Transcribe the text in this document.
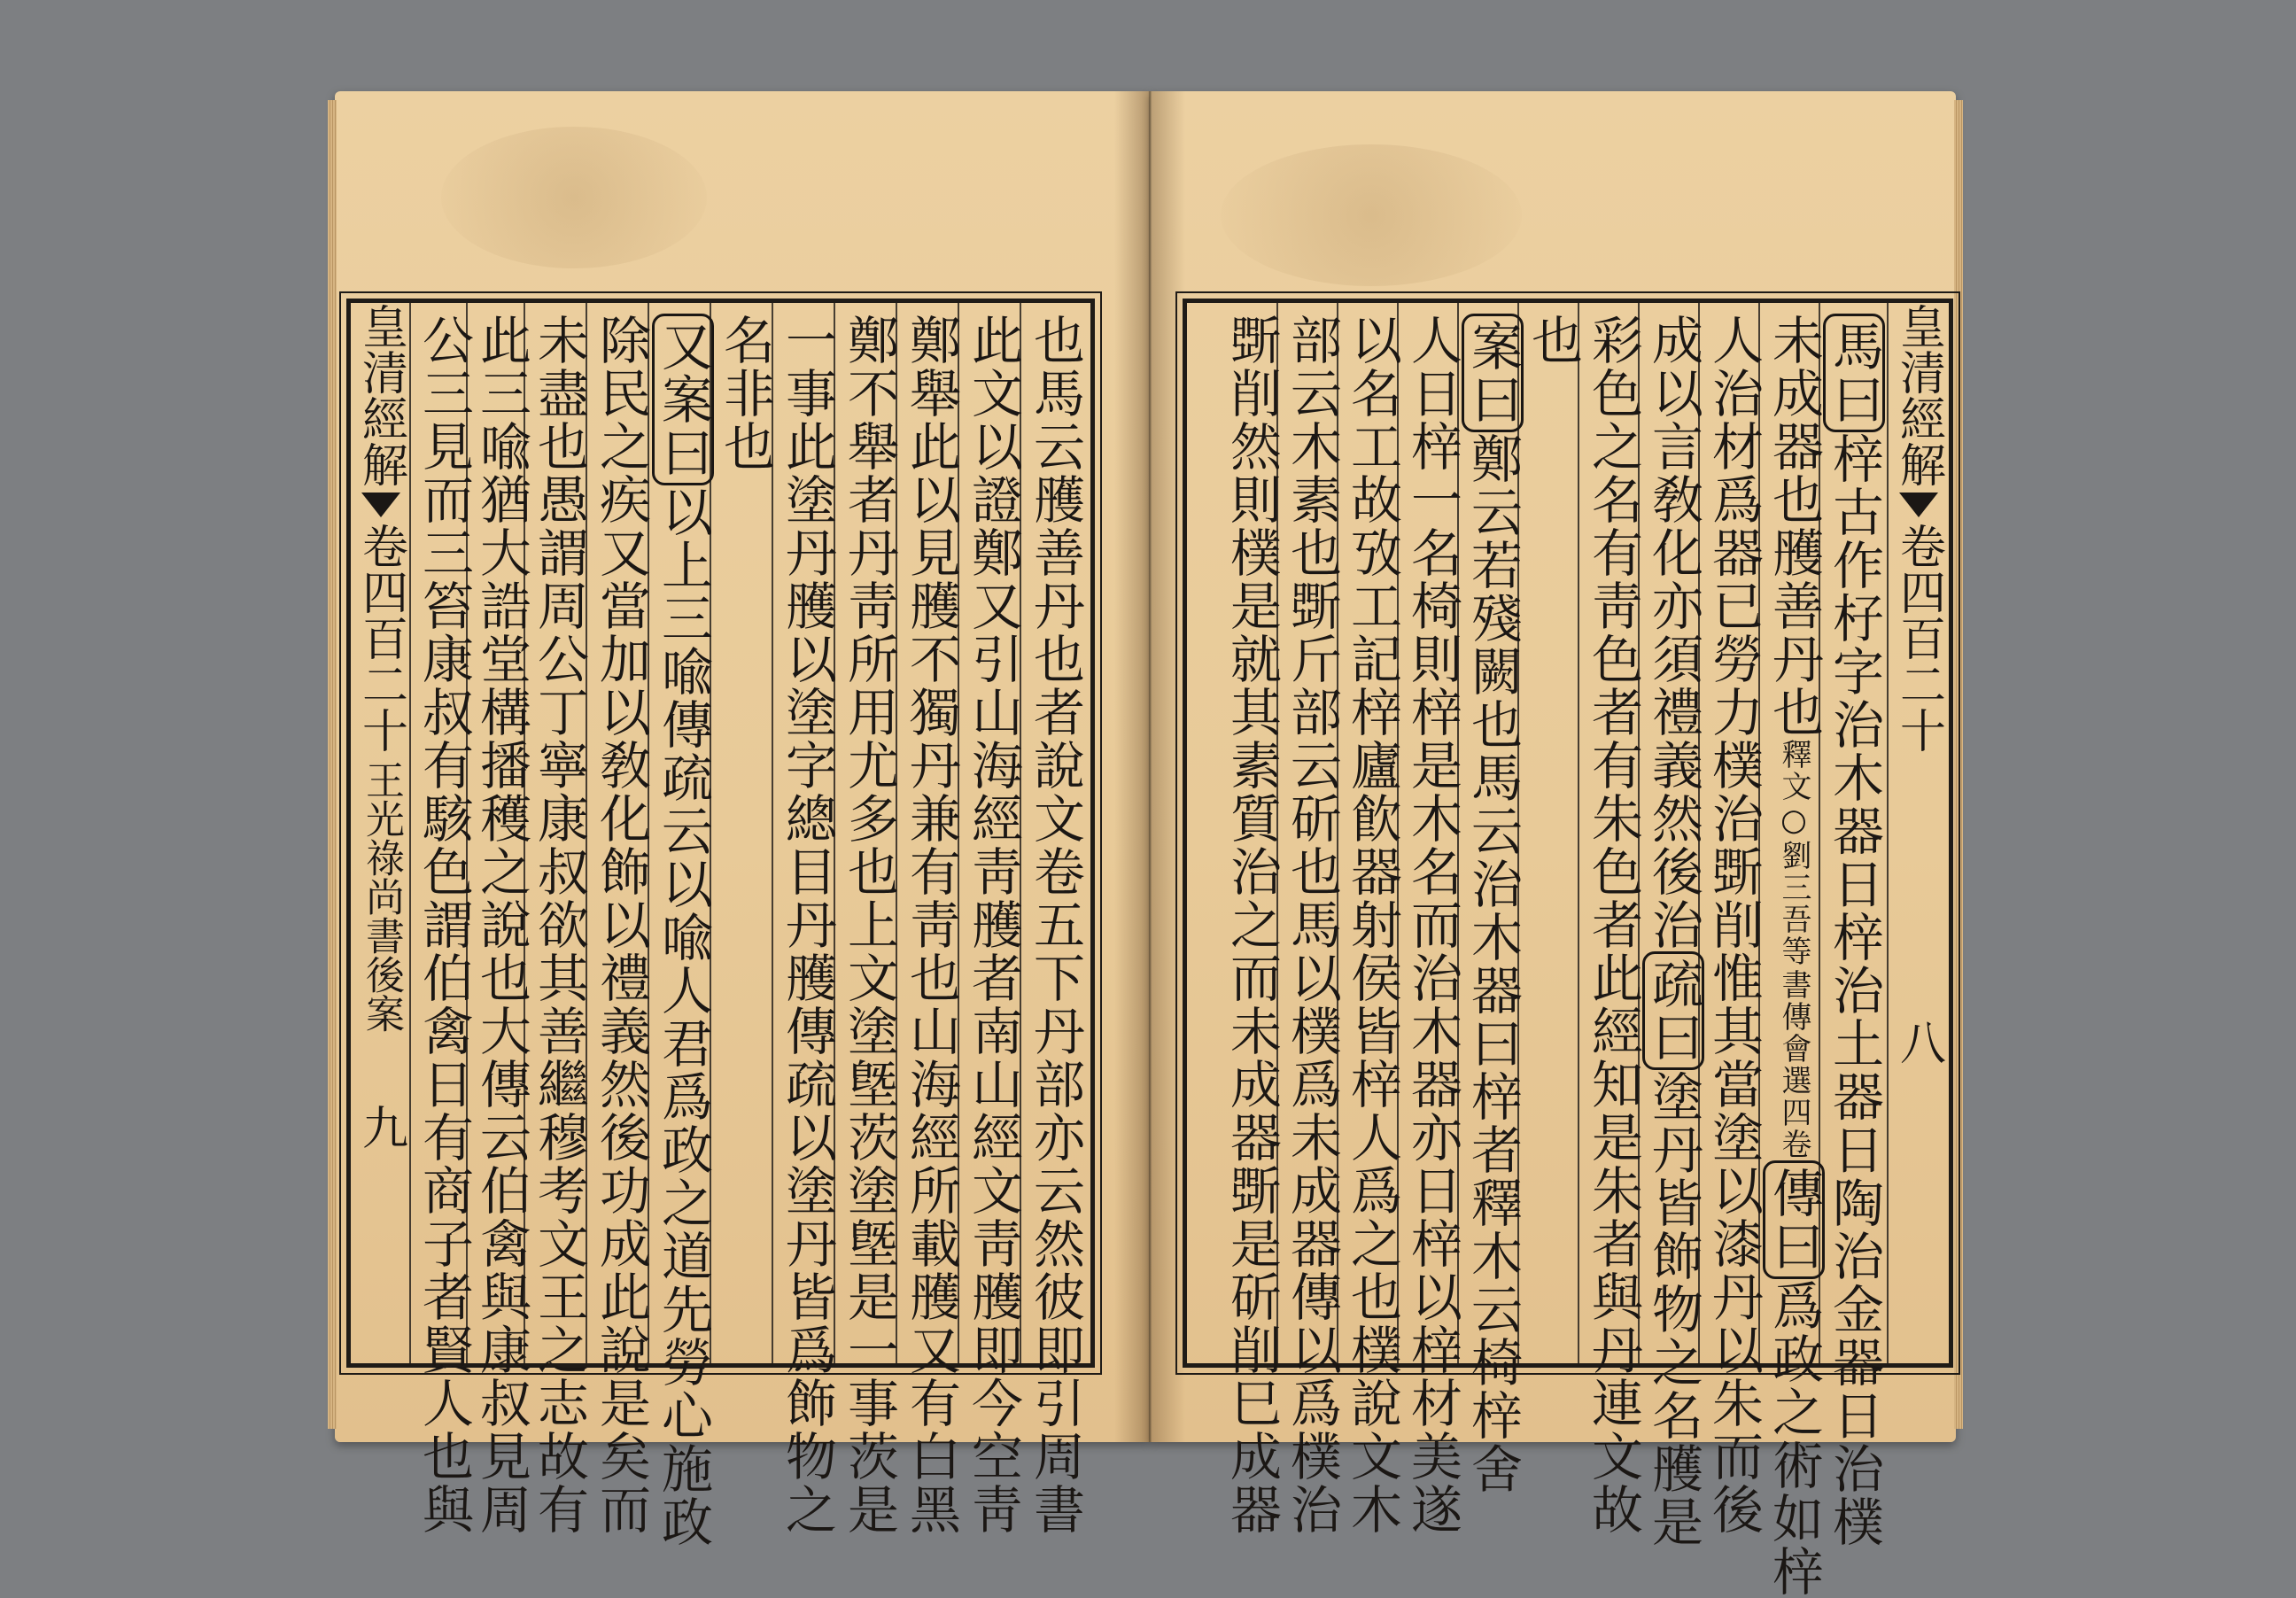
皇清經解
卷四百二十
王光祿尚書後案
九	也馬云雘善丹也者說文卷五下丹部亦云然彼即引周書
此文以證鄭又引山海經靑雘者南山經文靑雘即今空靑
鄭舉此以見雘不獨丹兼有靑也山海經所載雘又有白黑
鄭不舉者丹靑所用尤多也上文塗墍茨塗墍是一事茨是
一事此塗丹雘以塗字總目丹雘傳疏以塗丹皆爲飾物之
名非也
又案曰以上三喩傳疏云以喩人君爲政之道先勞心施政
除民之疾又當加以敎化飾以禮義然後功成此說是矣而
未盡也愚謂周公丁寧康叔欲其善繼穆考文王之志故有
此三喩猶大誥堂構播穫之說也大傳云伯禽與康叔見周
公三見而三笞康叔有駭色謂伯禽日有商子者賢人也與	皇清經解
卷四百二十
八
馬曰梓古作杍字治木器日梓治土器日陶治金器日治樸
未成器也雘善丹也
釋文○劉三吾等
書傳會選四卷
傳曰爲政之術如梓
人治材爲器已勞力樸治斲削惟其當塗以漆丹以朱而後
成以言敎化亦須禮義然後治疏曰塗丹皆飾物之名雘是
彩色之名有靑色者有朱色者此經知是朱者與丹連文故
也
案曰鄭云若殘闕也馬云治木器曰梓者釋木云椅梓舍
人日梓一名椅則梓是木名而治木器亦日梓以梓材美遂
以名工故攷工記梓廬飮器射侯皆梓人爲之也樸說文木
部云木素也斲斤部云斫也馬以樸爲未成器傳以爲樸治
斲削然則樸是就其素質治之而未成器斲是斫削巳成器
